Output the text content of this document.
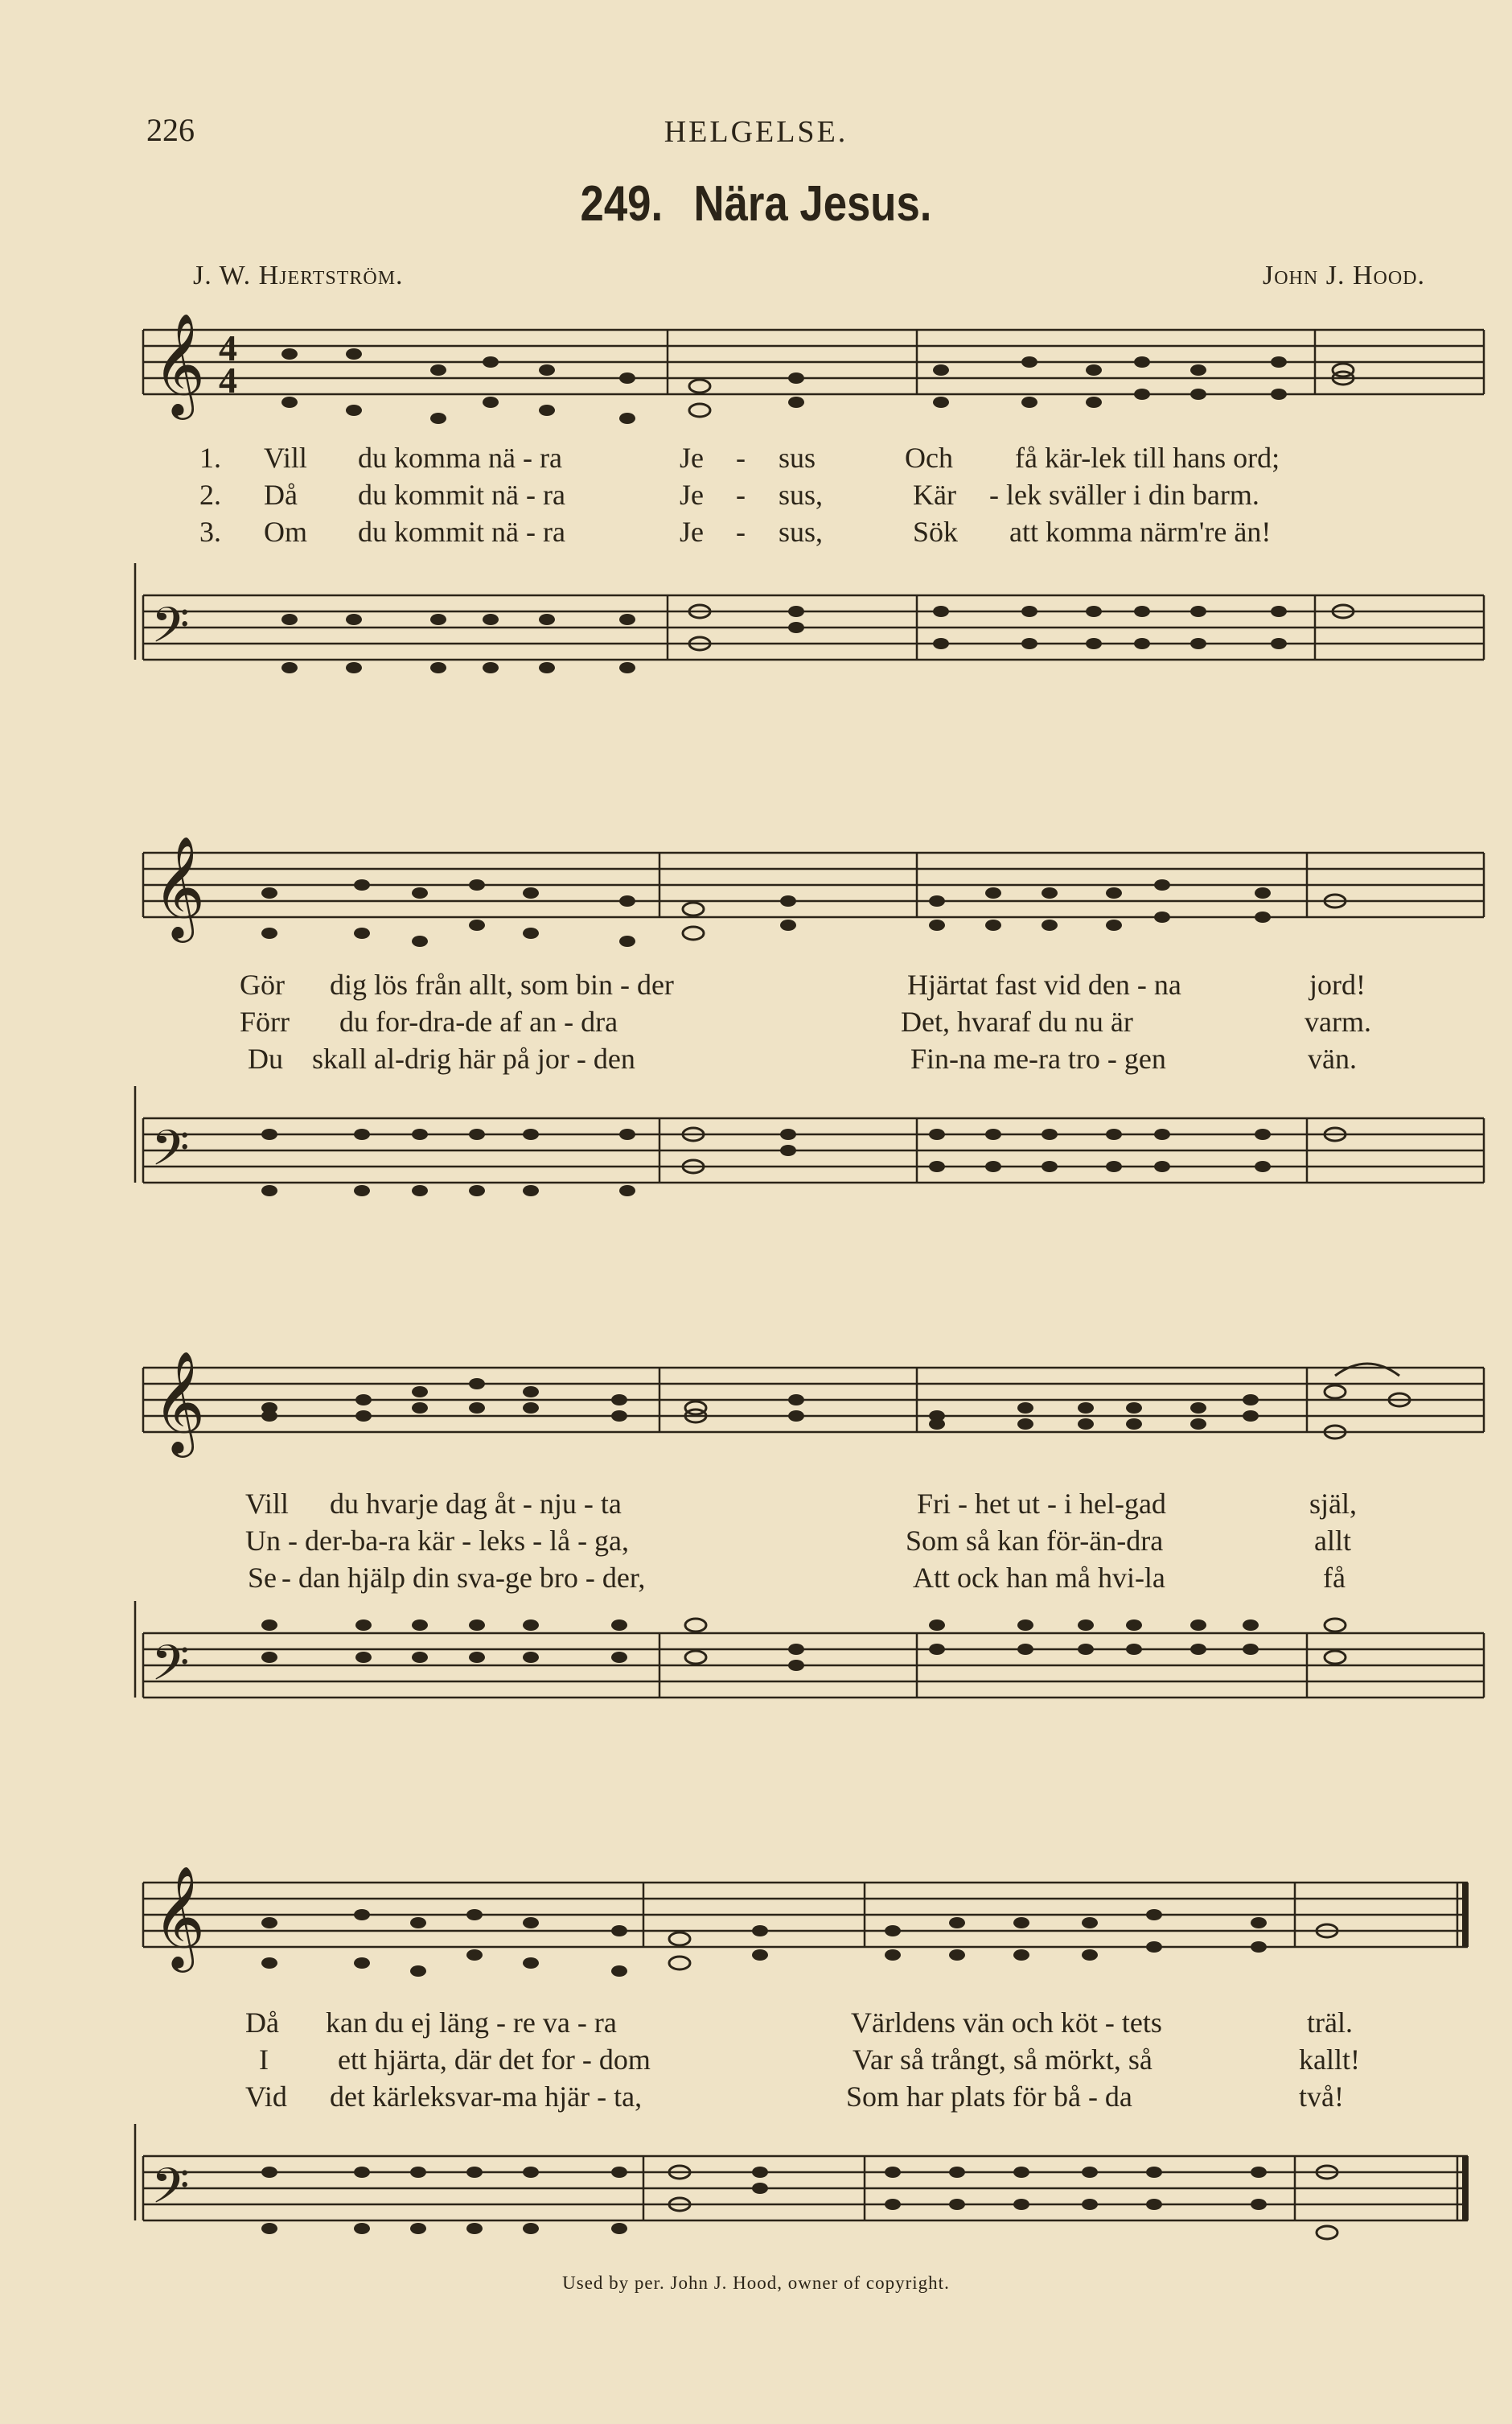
226	HELGELSE.
249. Nära Jesus.
J. W. Hjertström.	John J. Hood.
𝄞 4
4
1. Vill du komma nä - ra	Je - sus	Och få kär-lek till hans ord;
2. Då du kommit nä - ra	Je - sus,	Kär - lek sväller i din barm.
3. Om du kommit nä - ra	Je - sus,	Sök att komma närm're än!
𝄢
𝄞
Gör dig lös från allt, som bin - der	Hjärtat fast vid den - na	jord!
Förr du for-dra-de af an - dra	Det, hvaraf du nu är	varm.
Du skall al-drig här på jor - den	Fin-na me-ra tro - gen	vän.
𝄢
𝄞
Vill du hvarje dag åt - nju - ta	Fri - het ut - i hel-gad	själ,
Un - der-ba-ra kär - leks - lå - ga,	Som så kan för-än-dra	allt
Se - dan hjälp din sva-ge bro - der,	Att ock han må hvi-la	få
𝄢
𝄞
Då kan du ej läng - re va - ra	Världens vän och köt - tets	träl.
I ett hjärta, där det for - dom	Var så trångt, så mörkt, så	kallt!
Vid det kärleksvar-ma hjär - ta,	Som har plats för bå - da	två!
𝄢
Used by per. John J. Hood, owner of copyright.
